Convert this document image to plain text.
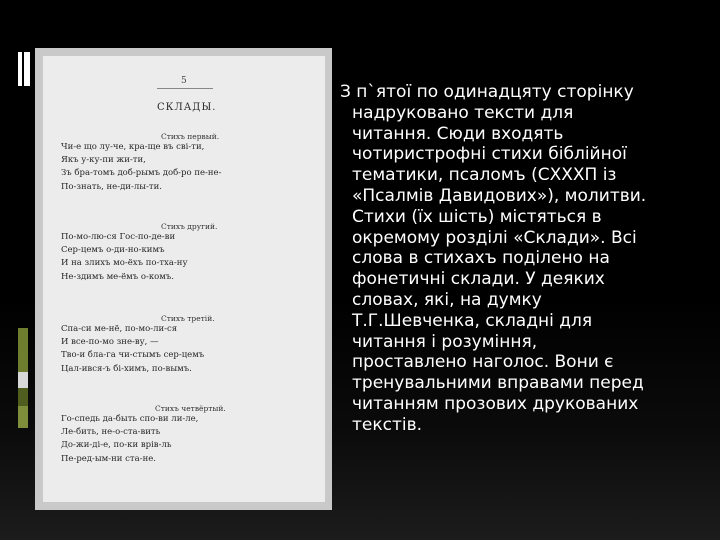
5
СКЛАДЫ.
Стихъ первый.
Чи-е що лу-че, кра-ще въ сві-ти,
Якъ у-ку-пи жи-ти,
Зъ бра-томъ доб-рымъ доб-ро пе-не-
По-знать, не-ди-лы-ти.
Стихъ другий.
По-мо-лю-ся Гос-по-де-ви
Сер-цемъ о-ди-но-кимъ
И на злихъ мо-ёхъ по-тха-ну
Не-здимъ ме-ёмъ о-комъ.
Стихъ третій.
Спа-си ме-нё, по-мо-ли-ся
И все-по-мо зне-ву, —
Тво-и бла-га чи-стымъ сер-цемъ
Цал-ився-ъ бі-химъ, по-вымъ.
Стихъ четвёртый.
Го-спедь да-быть спо-ви ли-ле,
Ле-бить, не-о-ста-вить
До-жи-ді-е, по-ки врів-ль
Пе-ред-ым-ни ста-не.
З п`ятої по одинадцяту сторінку
надруковано тексти для
читання. Сюди входять
чотиристрофні стихи біблійної
тематики, псаломъ (СХХХП із
«Псалмів Давидових»), молитви.
Стихи (їх шість) містяться в
окремому розділі «Склади». Всі
слова в стихахъ поділено на
фонетичні склади. У деяких
словах, які, на думку
Т.Г.Шевченка, складні для
читання і розуміння,
проставлено наголос. Вони є
тренувальними вправами перед
читанням прозових друкованих
текстів.
